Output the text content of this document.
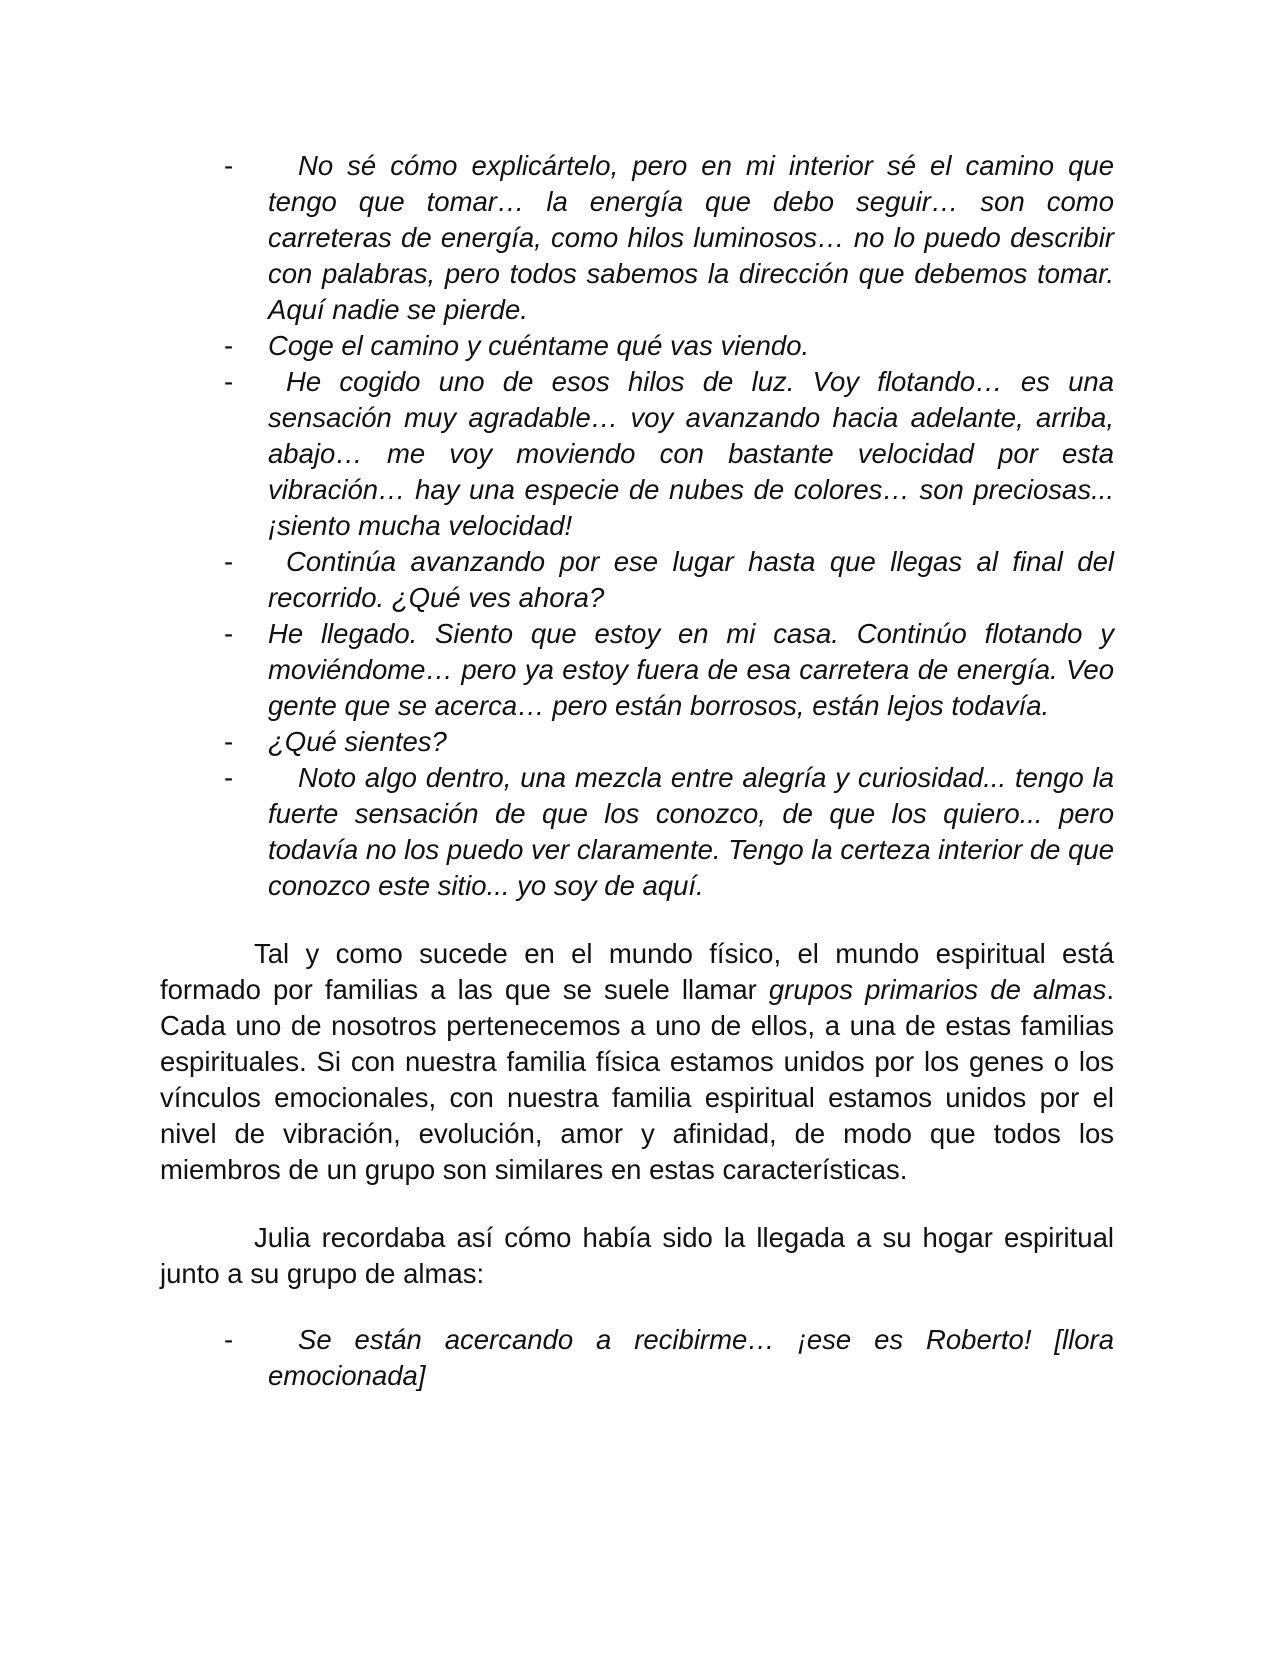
- No sé cómo explicártelo, pero en mi interior sé el camino que tengo que tomar… la energía que debo seguir… son como carreteras de energía, como hilos luminosos… no lo puedo describir con palabras, pero todos sabemos la dirección que debemos tomar. Aquí nadie se pierde.
- Coge el camino y cuéntame qué vas viendo.
- He cogido uno de esos hilos de luz. Voy flotando… es una sensación muy agradable… voy avanzando hacia adelante, arriba, abajo… me voy moviendo con bastante velocidad por esta vibración… hay una especie de nubes de colores… son preciosas... ¡siento mucha velocidad!
- Continúa avanzando por ese lugar hasta que llegas al final del recorrido. ¿Qué ves ahora?
- He llegado. Siento que estoy en mi casa. Continúo flotando y moviéndome… pero ya estoy fuera de esa carretera de energía. Veo gente que se acerca… pero están borrosos, están lejos todavía.
- ¿Qué sientes?
- Noto algo dentro, una mezcla entre alegría y curiosidad... tengo la fuerte sensación de que los conozco, de que los quiero... pero todavía no los puedo ver claramente. Tengo la certeza interior de que conozco este sitio... yo soy de aquí.

Tal y como sucede en el mundo físico, el mundo espiritual está formado por familias a las que se suele llamar grupos primarios de almas. Cada uno de nosotros pertenecemos a uno de ellos, a una de estas familias espirituales. Si con nuestra familia física estamos unidos por los genes o los vínculos emocionales, con nuestra familia espiritual estamos unidos por el nivel de vibración, evolución, amor y afinidad, de modo que todos los miembros de un grupo son similares en estas características.

Julia recordaba así cómo había sido la llegada a su hogar espiritual junto a su grupo de almas:

- Se están acercando a recibirme… ¡ese es Roberto! [llora emocionada]
